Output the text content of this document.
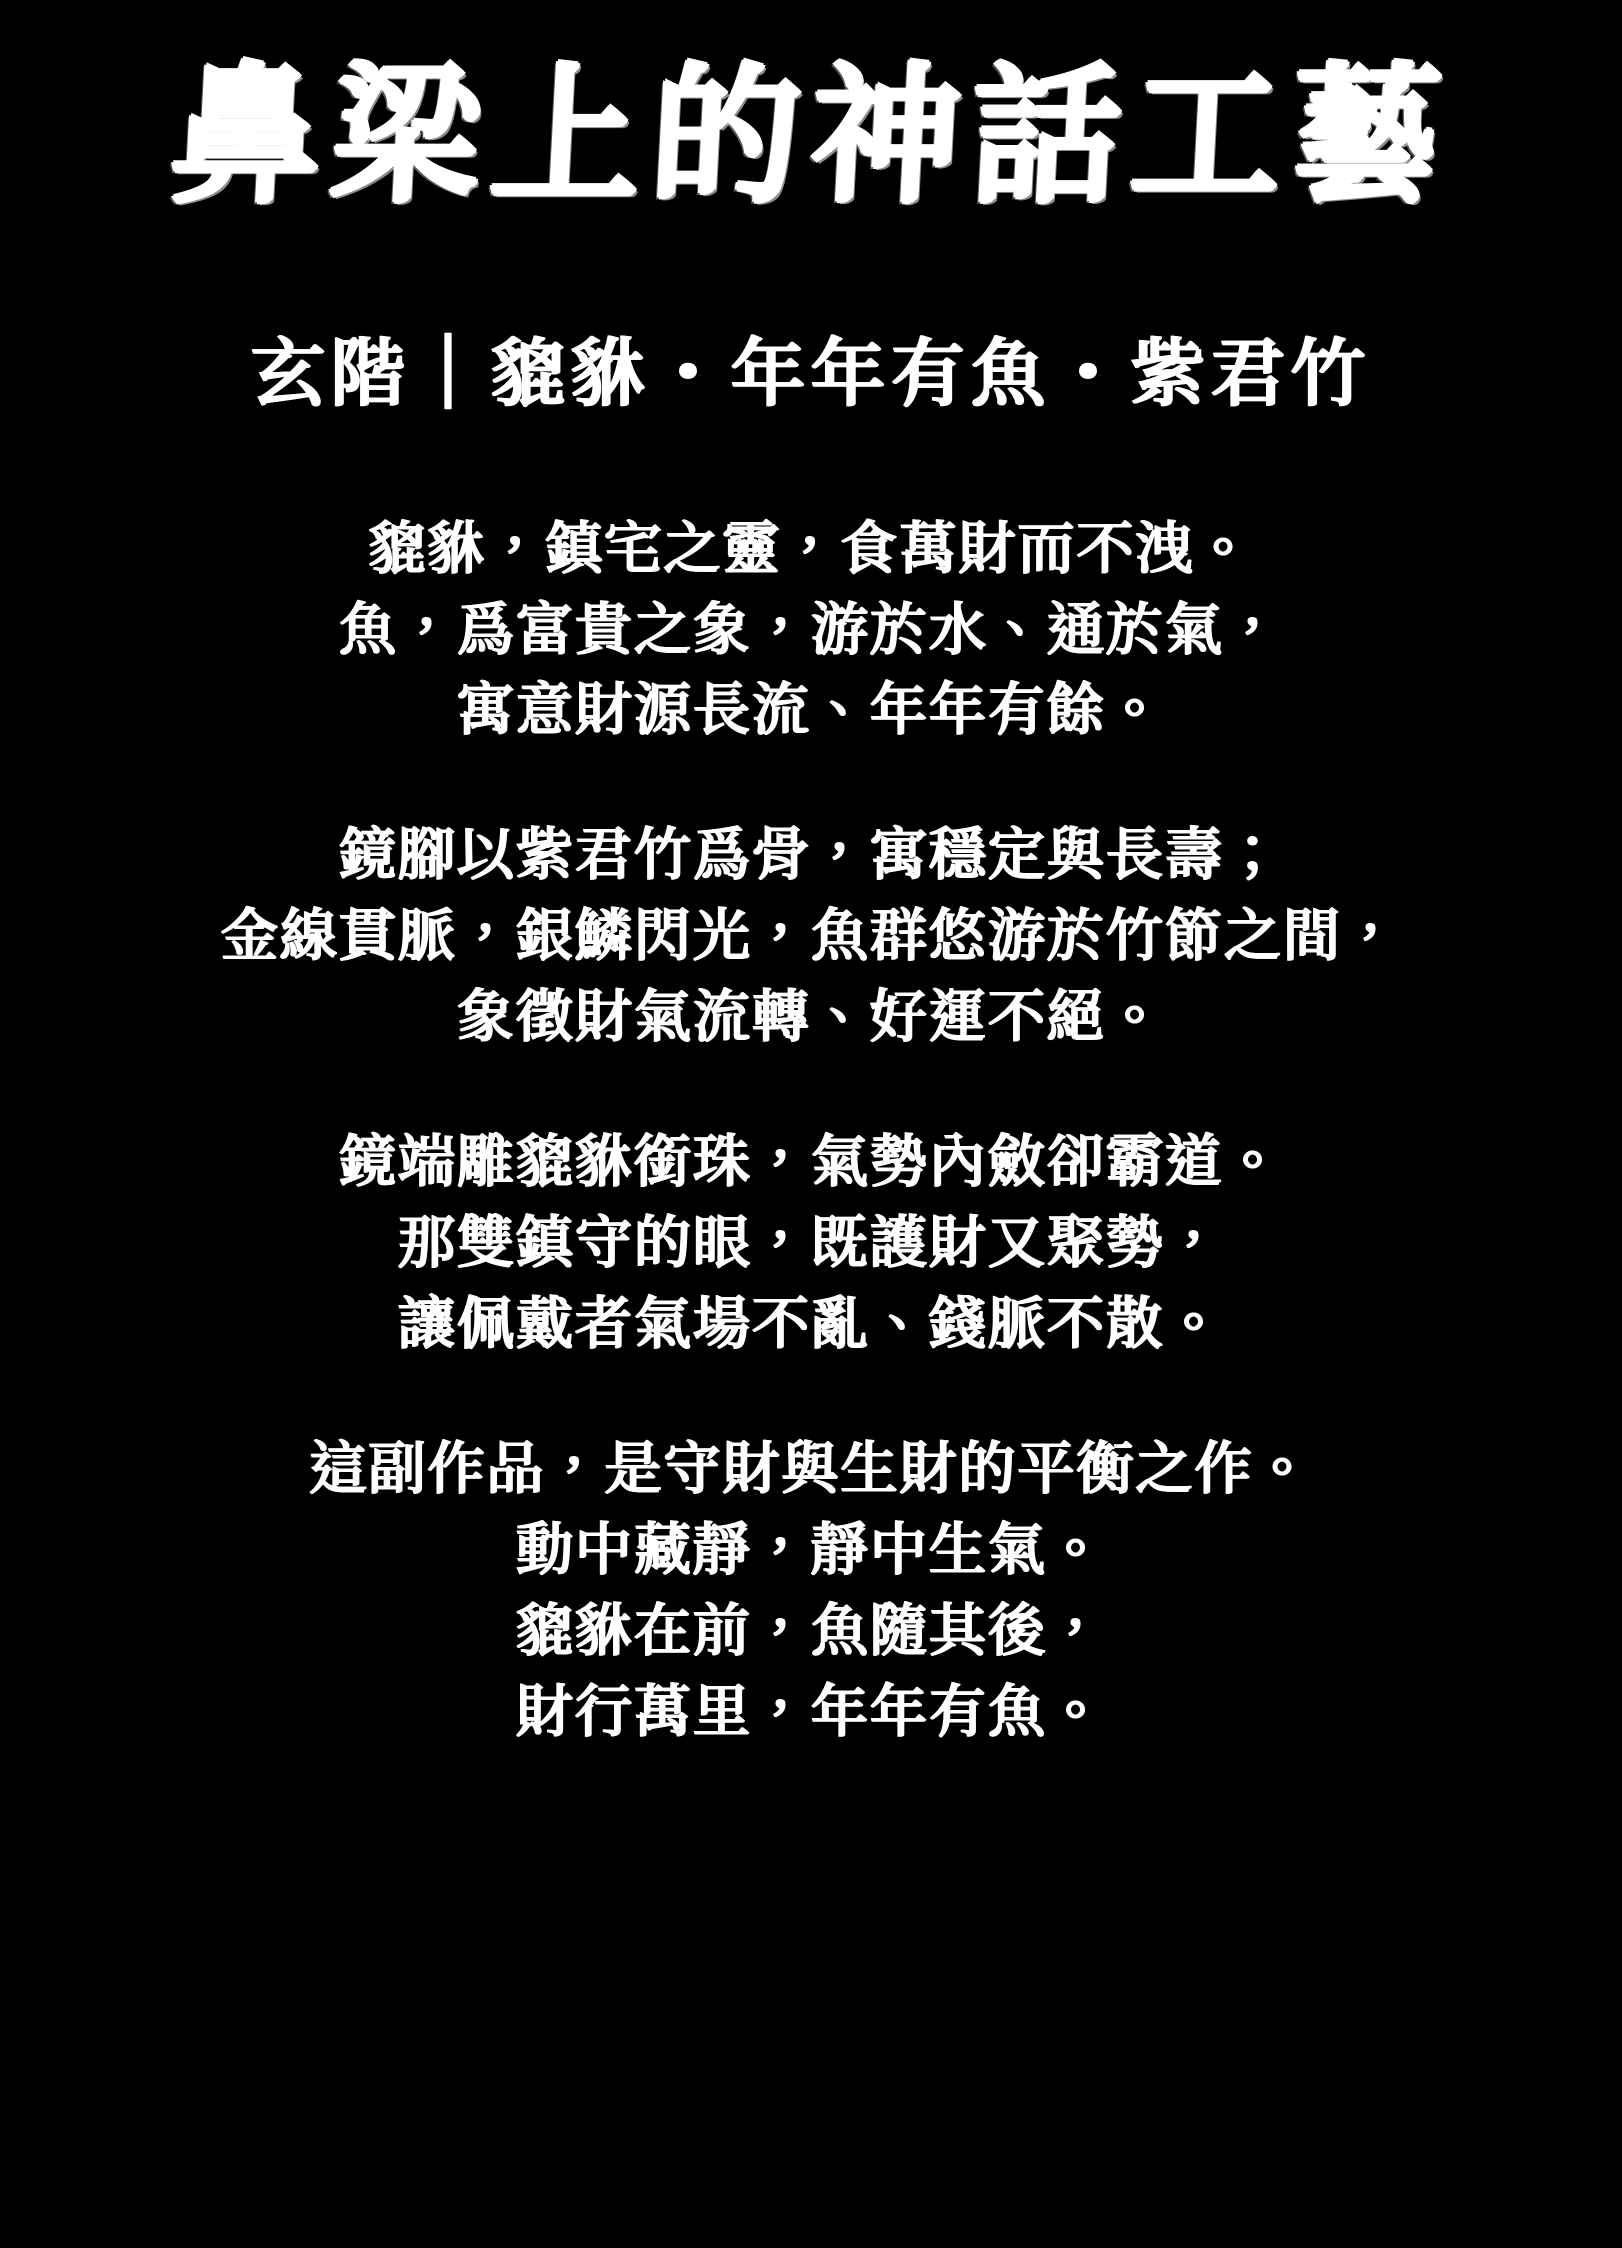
鼻梁上的神話工藝
玄階｜貔貅・年年有魚・紫君竹
貔貅，鎮宅之靈，食萬財而不洩。
魚，爲富貴之象，游於水、通於氣，
寓意財源長流、年年有餘。
鏡腳以紫君竹爲骨，寓穩定與長壽；
金線貫脈，銀鱗閃光，魚群悠游於竹節之間，
象徵財氣流轉、好運不絕。
鏡端雕貔貅銜珠，氣勢內斂卻霸道。
那雙鎮守的眼，既護財又聚勢，
讓佩戴者氣場不亂、錢脈不散。
這副作品，是守財與生財的平衡之作。
動中藏靜，靜中生氣。
貔貅在前，魚隨其後，
財行萬里，年年有魚。
